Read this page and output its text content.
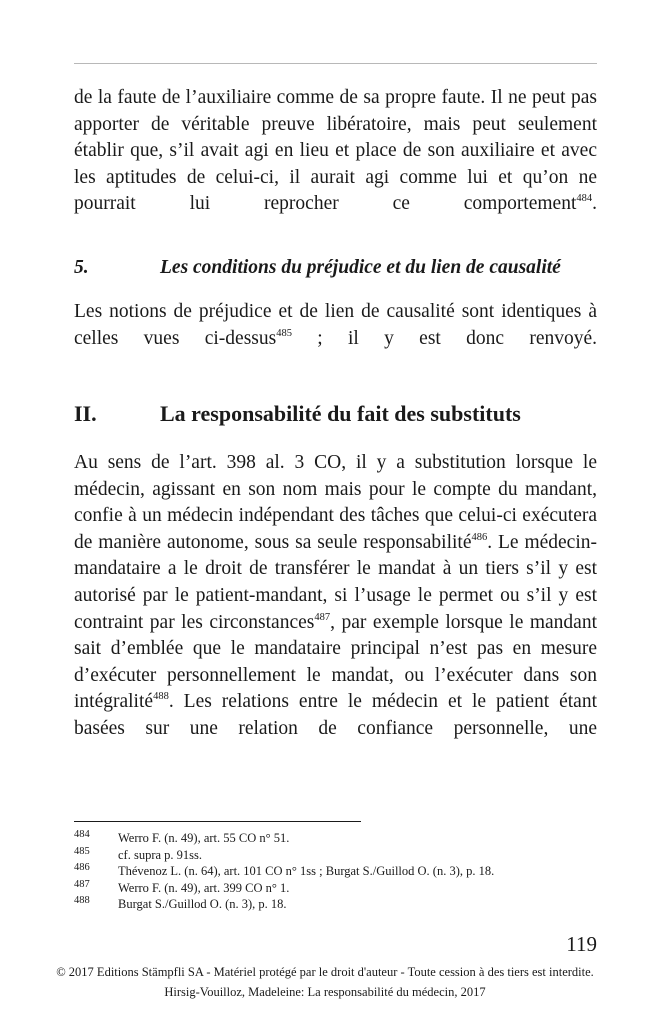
de la faute de l’auxiliaire comme de sa propre faute. Il ne peut pas apporter de véritable preuve libératoire, mais peut seulement établir que, s’il avait agi en lieu et place de son auxiliaire et avec les aptitudes de celui-ci, il aurait agi comme lui et qu’on ne pourrait lui reprocher ce comportement$^{484}$.

5.	Les conditions du préjudice et du lien de causalité

Les notions de préjudice et de lien de causalité sont identiques à celles vues ci-dessus$^{485}$ ; il y est donc renvoyé.

II.	La responsabilité du fait des substituts

Au sens de l’art. 398 al. 3 CO, il y a substitution lorsque le médecin, agissant en son nom mais pour le compte du mandant, confie à un médecin indépendant des tâches que celui-ci exécutera de manière autonome, sous sa seule responsabilité$^{486}$. Le médecin-mandataire a le droit de transférer le mandat à un tiers s’il y est autorisé par le patient-mandant, si l’usage le permet ou s’il y est contraint par les circonstances$^{487}$, par exemple lorsque le mandant sait d’emblée que le mandataire principal n’est pas en mesure d’exécuter personnellement le mandat, ou l’exécuter dans son intégralité$^{488}$. Les relations entre le médecin et le patient étant basées sur une relation de confiance personnelle, une

484 Werro F. (n. 49), art. 55 CO n° 51.
485 cf. supra p. 91ss.
486 Thévenoz L. (n. 64), art. 101 CO n° 1ss ; Burgat S./Guillod O. (n. 3), p. 18.
487 Werro F. (n. 49), art. 399 CO n° 1.
488 Burgat S./Guillod O. (n. 3), p. 18.
119
© 2017 Editions Stämpfli SA - Matériel protégé par le droit d'auteur - Toute cession à des tiers est interdite.
Hirsig-Vouilloz, Madeleine: La responsabilité du médecin, 2017
